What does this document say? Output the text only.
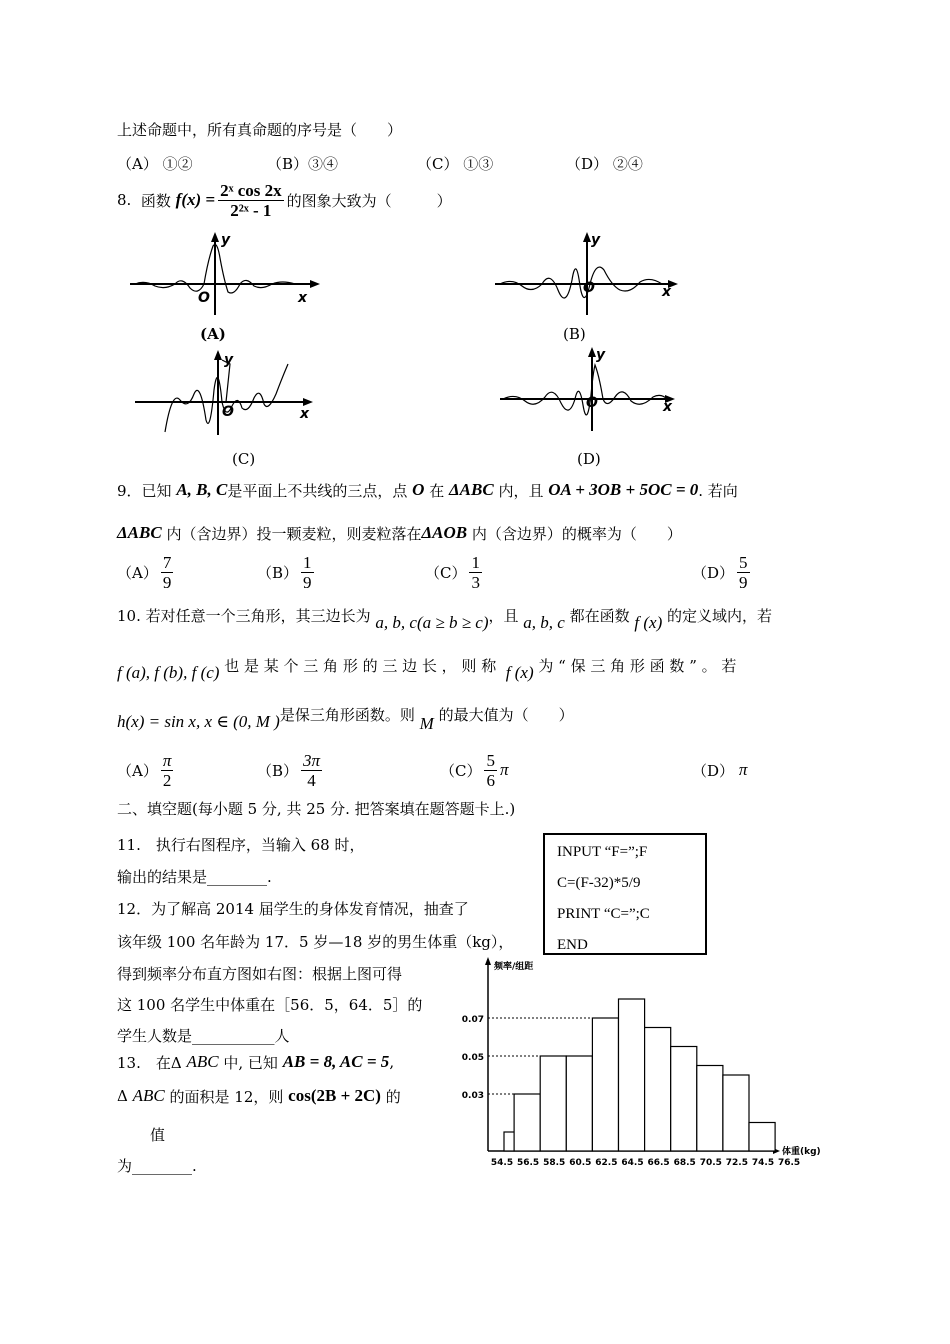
上述命题中，所有真命题的序号是（　　）
（A） ①②	（B）③④	（C） ①③	（D） ②④
8.
函数
$f(x) = \frac{\text{2ˣ cos 2x}}{\text{2²ˣ - 1}}$ 的图象大致为（　　　）
O	x
y
(A)
O	x
y
(B)
O	x
y
(C)
O	x
y
(D)
9．已知
A, B, C 是平面上不共线的三点，点
O
在
ΔABC
内，且
OA + 3OB + 5OC = 0 . 若向
ΔABC
内（含边界）投一颗麦粒，则麦粒落在 ΔAOB
内（含边界）的概率为（　　）
$(A) \frac{7}{9}$	$(B) \frac{1}{9}$	$(C) \frac{1}{3}$	$(D) \frac{5}{9}$
10. 若对任意一个三角形，其三边长为
a, b, c(a ≥ b ≥ c) ，且
a, b, c
都在函数
f (x)
的定义域内，若
f (a), f (b), f (c)
也 是 某 个 三 角 形 的 三 边 长 ， 则 称
f (x)
为 “ 保 三 角 形 函 数 ” 。 若
h(x) = sin x, x ∈ (0, M ) 是保三角形函数。则
M
的最大值为（　　）
$(A) \frac{\pi}{2}$	$(B) \frac{3\pi}{4}$	$(C) \frac{5}{6}$ π	（D）
π
二、填空题(每小题 5 分, 共 25 分. 把答案填在题答题卡上.)
11.　执行右图程序，当输入 68 时，
输出的结果是________.
INPUT “F=”;F
C=(F-32)*5/9
PRINT “C=”;C
END
12．为了解高 2014 届学生的身体发育情况，抽查了
该年级 100 名年龄为 17．5 岁—18 岁的男生体重（kg），
得到频率分布直方图如右图：根据上图可得
这 100 名学生中体重在［56．5，64．5］的
学生人数是___________人
13.　在Δ
ABC
中, 已知
AB = 8, AC = 5 ,
Δ
ABC
的面积是 12，则
cos(2B + 2C)
的
值
为________.
0.07
0.05
0.03
54.5 56.5 58.5 60.5 62.5 64.5 66.5 68.5 70.5 72.5 74.5 76.5
频率/组距
体重(kg)
